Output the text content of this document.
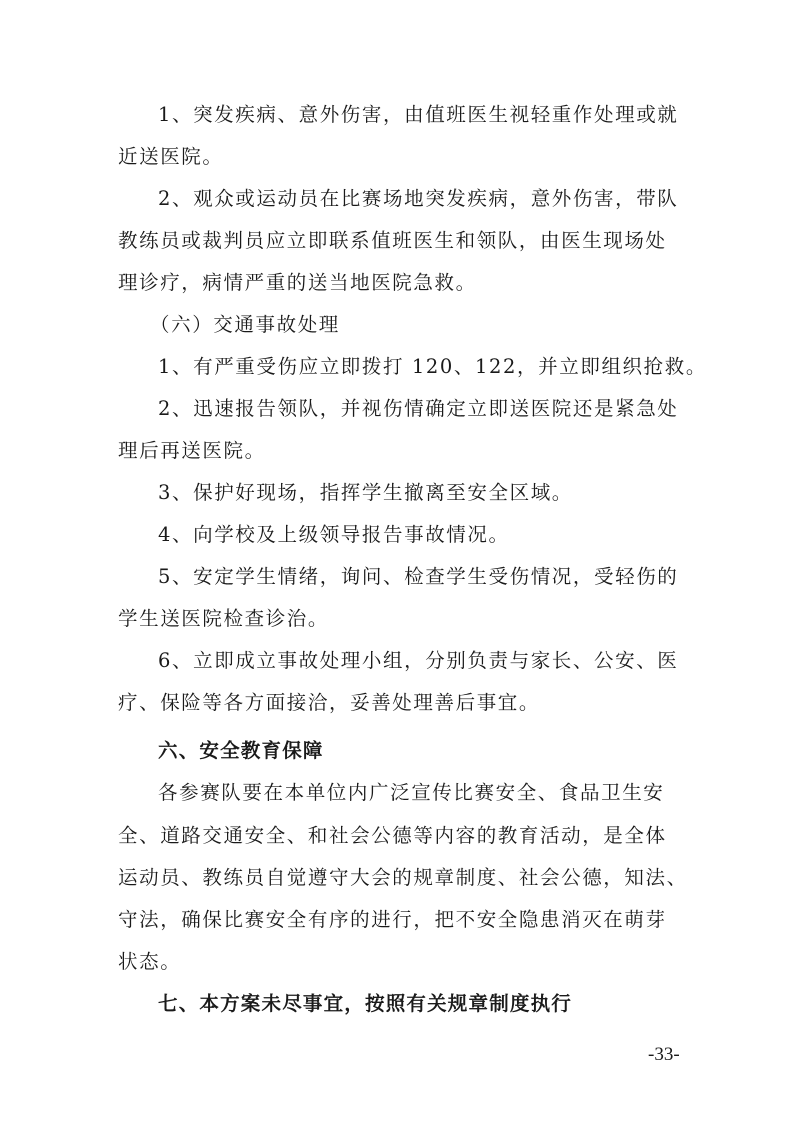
1、突发疾病、意外伤害，由值班医生视轻重作处理或就
近送医院。
2、观众或运动员在比赛场地突发疾病，意外伤害，带队
教练员或裁判员应立即联系值班医生和领队，由医生现场处
理诊疗，病情严重的送当地医院急救。
（六）交通事故处理
1、有严重受伤应立即拨打 120、122，并立即组织抢救。
2、迅速报告领队，并视伤情确定立即送医院还是紧急处
理后再送医院。
3、保护好现场，指挥学生撤离至安全区域。
4、向学校及上级领导报告事故情况。
5、安定学生情绪，询问、检查学生受伤情况，受轻伤的
学生送医院检查诊治。
6、立即成立事故处理小组，分别负责与家长、公安、医
疗、保险等各方面接洽，妥善处理善后事宜。
六、安全教育保障
各参赛队要在本单位内广泛宣传比赛安全、食品卫生安
全、道路交通安全、和社会公德等内容的教育活动，是全体
运动员、教练员自觉遵守大会的规章制度、社会公德，知法、
守法，确保比赛安全有序的进行，把不安全隐患消灭在萌芽
状态。
七、本方案未尽事宜，按照有关规章制度执行
-33-
